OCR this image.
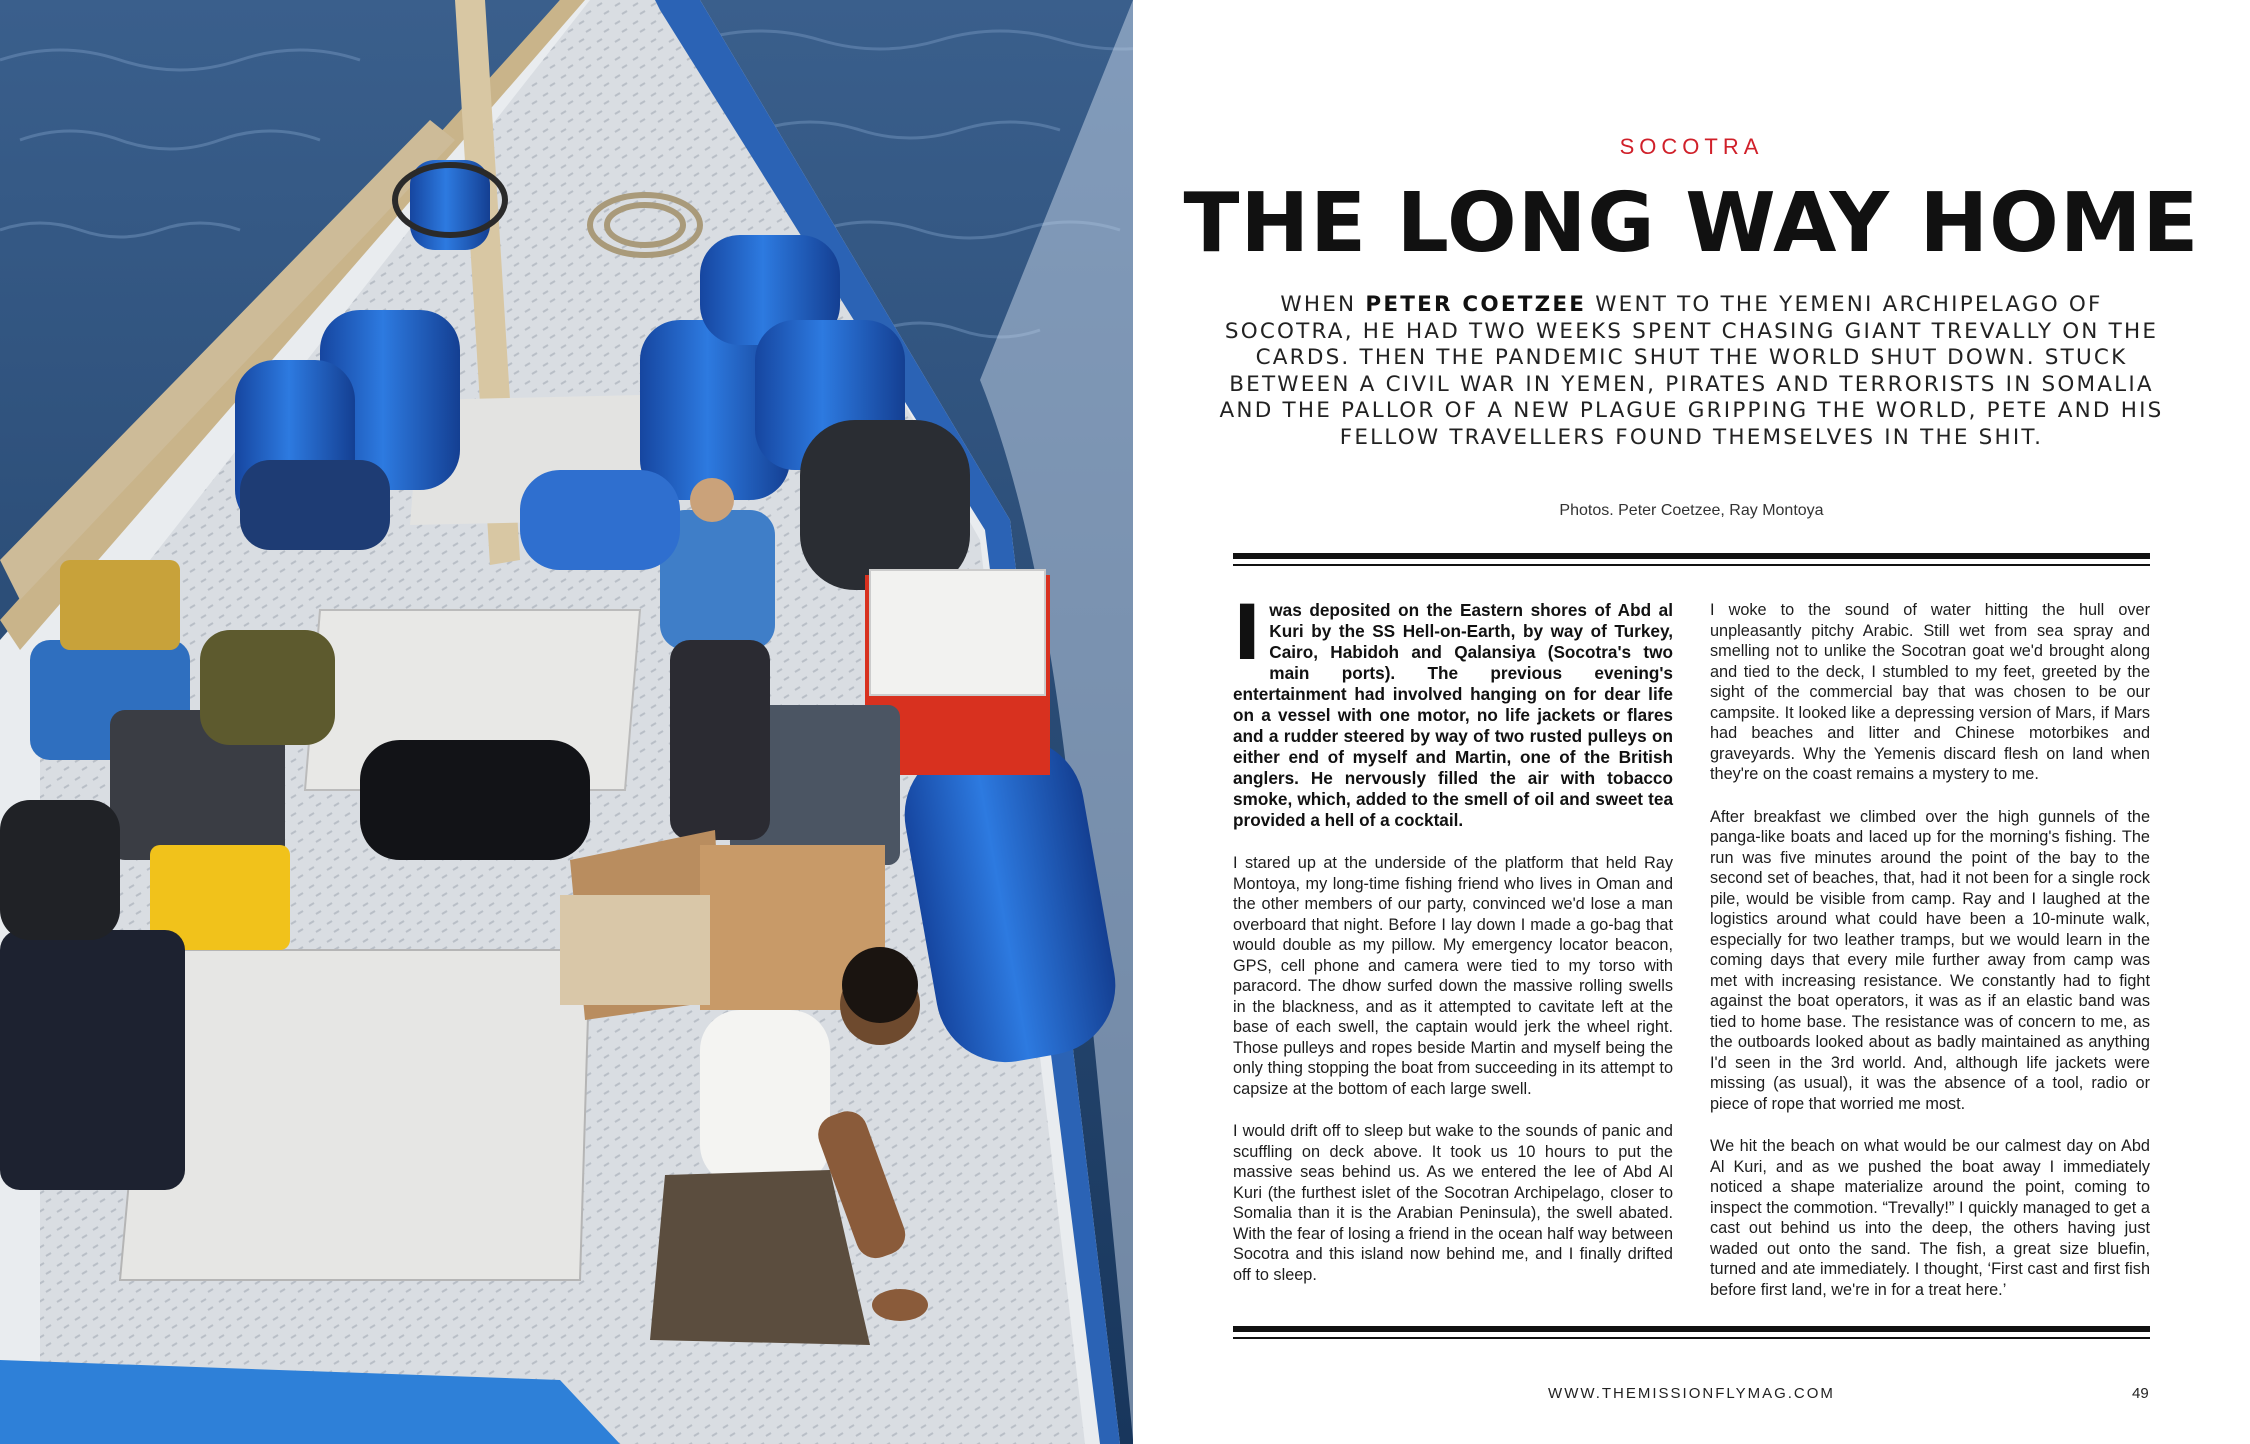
SOCOTRA
THE LONG WAY HOME
WHEN PETER COETZEE WENT TO THE YEMENI ARCHIPELAGO OF SOCOTRA, HE HAD TWO WEEKS SPENT CHASING GIANT TREVALLY ON THE CARDS. THEN THE PANDEMIC SHUT THE WORLD SHUT DOWN. STUCK BETWEEN A CIVIL WAR IN YEMEN, PIRATES AND TERRORISTS IN SOMALIA AND THE PALLOR OF A NEW PLAGUE GRIPPING THE WORLD, PETE AND HIS FELLOW TRAVELLERS FOUND THEMSELVES IN THE SHIT.
Photos. Peter Coetzee, Ray Montoya

Iwas deposited on the Eastern shores of Abd al Kuri by the SS Hell-on-Earth, by way of Turkey, Cairo, Habidoh and Qalansiya (Socotra's two main ports). The previous evening's entertainment had involved hanging on for dear life on a vessel with one motor, no life jackets or flares and a rudder steered by way of two rusted pulleys on either end of myself and Martin, one of the British anglers. He nervously filled the air with tobacco smoke, which, added to the smell of oil and sweet tea provided a hell of a cocktail.

I stared up at the underside of the platform that held Ray Montoya, my long-time fishing friend who lives in Oman and the other members of our party, convinced we'd lose a man overboard that night. Before I lay down I made a go-bag that would double as my pillow. My emergency locator beacon, GPS, cell phone and camera were tied to my torso with paracord. The dhow surfed down the massive rolling swells in the blackness, and as it attempted to cavitate left at the base of each swell, the captain would jerk the wheel right. Those pulleys and ropes beside Martin and myself being the only thing stopping the boat from succeeding in its attempt to capsize at the bottom of each large swell.

I would drift off to sleep but wake to the sounds of panic and scuffling on deck above. It took us 10 hours to put the massive seas behind us. As we entered the lee of Abd Al Kuri (the furthest islet of the Socotran Archipelago, closer to Somalia than it is the Arabian Peninsula), the swell abated. With the fear of losing a friend in the ocean half way between Socotra and this island now behind me, and I finally drifted off to sleep.

I woke to the sound of water hitting the hull over unpleasantly pitchy Arabic. Still wet from sea spray and smelling not to unlike the Socotran goat we'd brought along and tied to the deck, I stumbled to my feet, greeted by the sight of the commercial bay that was chosen to be our campsite. It looked like a depressing version of Mars, if Mars had beaches and litter and Chinese motorbikes and graveyards. Why the Yemenis discard flesh on land when they're on the coast remains a mystery to me.

After breakfast we climbed over the high gunnels of the panga-like boats and laced up for the morning's fishing. The run was five minutes around the point of the bay to the second set of beaches, that, had it not been for a single rock pile, would be visible from camp. Ray and I laughed at the logistics around what could have been a 10-minute walk, especially for two leather tramps, but we would learn in the coming days that every mile further away from camp was met with increasing resistance. We constantly had to fight against the boat operators, it was as if an elastic band was tied to home base. The resistance was of concern to me, as the outboards looked about as badly maintained as anything I'd seen in the 3rd world. And, although life jackets were missing (as usual), it was the absence of a tool, radio or piece of rope that worried me most.

We hit the beach on what would be our calmest day on Abd Al Kuri, and as we pushed the boat away I immediately noticed a shape materialize around the point, coming to inspect the commotion. “Trevally!” I quickly managed to get a cast out behind us into the deep, the others having just waded out onto the sand. The fish, a great size bluefin, turned and ate immediately. I thought, ‘First cast and first fish before first land, we're in for a treat here.’

WWW.THEMISSIONFLYMAG.COM	49
